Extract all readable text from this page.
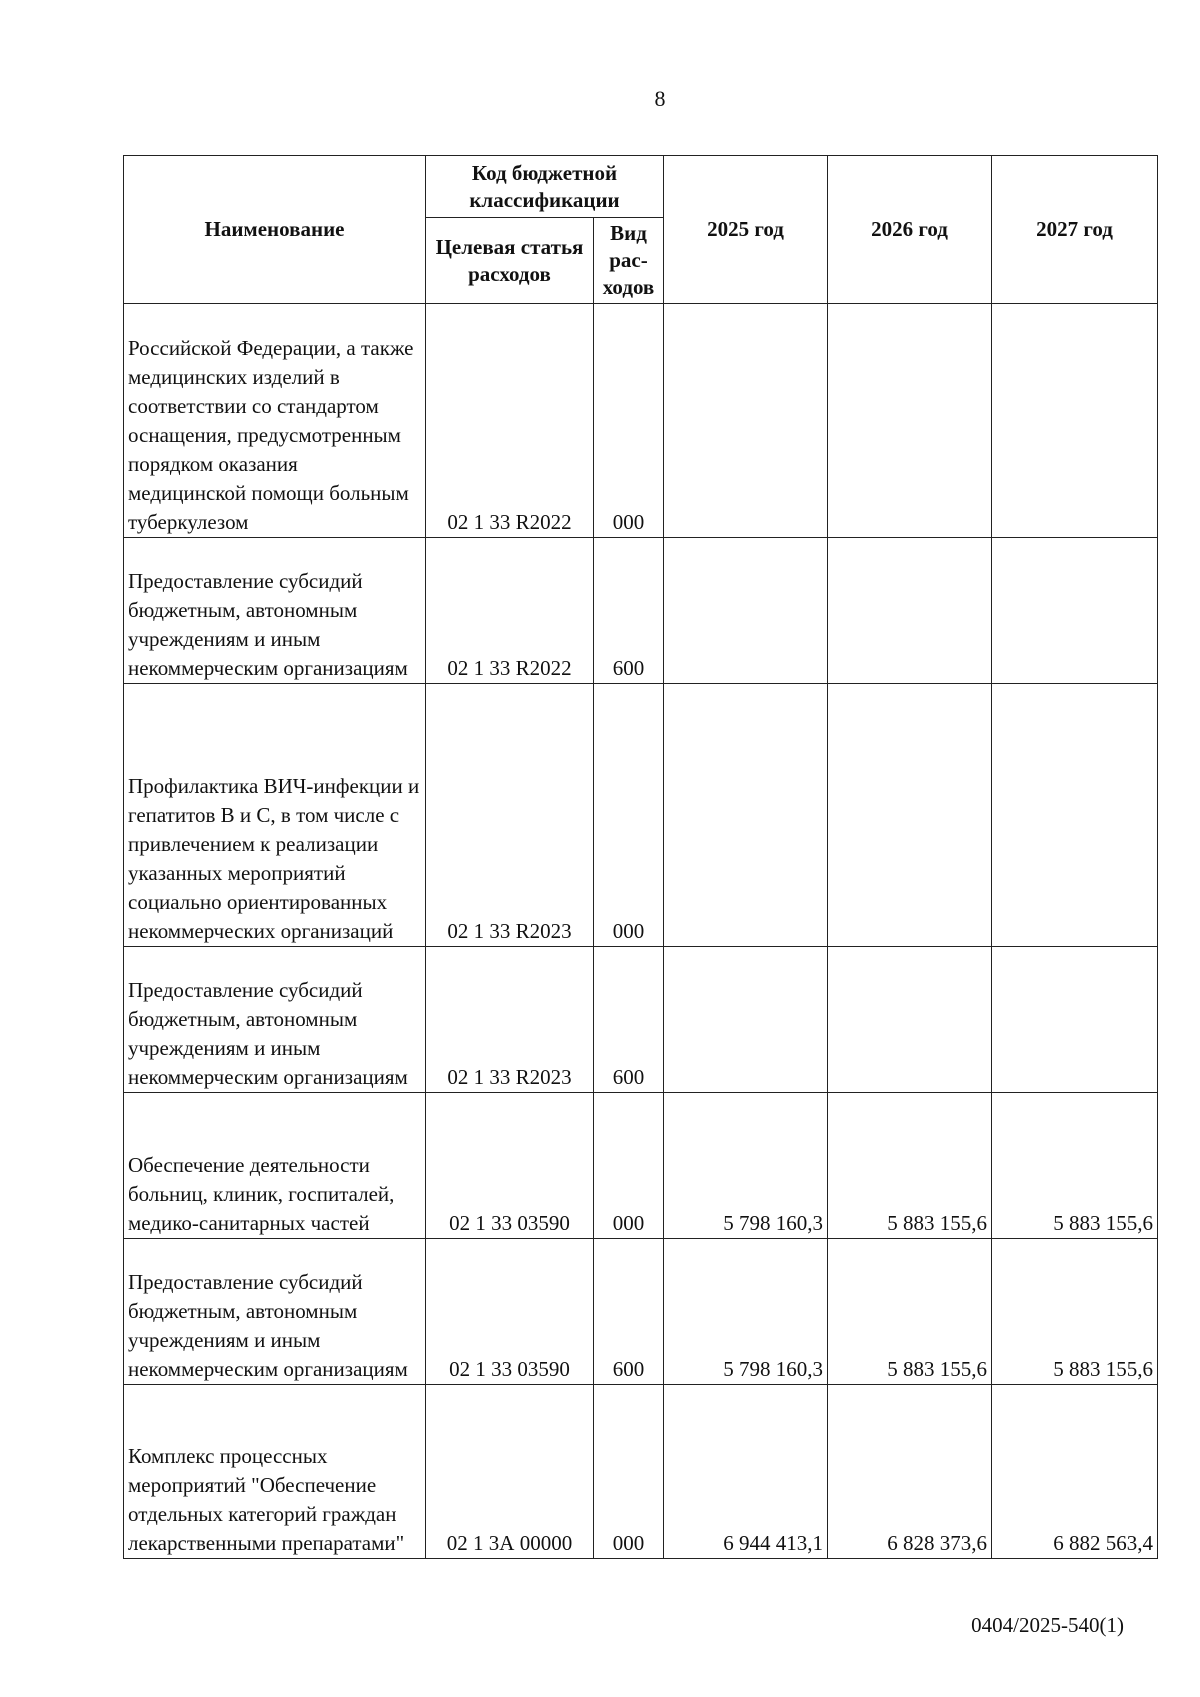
8
Наименование	Код бюджетной классификации		2025 год	2026 год	2027 год
	Целевая статья расходов	Вид рас-ходов			
Российской Федерации, а также медицинских изделий в соответствии со стандартом оснащения, предусмотренным порядком оказания медицинской помощи больным туберкулезом	02 1 33 R2022	000			
Предоставление субсидий бюджетным, автономным учреждениям и иным некоммерческим организациям	02 1 33 R2022	600			
Профилактика ВИЧ-инфекции и гепатитов В и С, в том числе с привлечением к реализации указанных мероприятий социально ориентированных некоммерческих организаций	02 1 33 R2023	000			
Предоставление субсидий бюджетным, автономным учреждениям и иным некоммерческим организациям	02 1 33 R2023	600			
Обеспечение деятельности больниц, клиник, госпиталей, медико-санитарных частей	02 1 33 03590	000	5 798 160,3	5 883 155,6	5 883 155,6
Предоставление субсидий бюджетным, автономным учреждениям и иным некоммерческим организациям	02 1 33 03590	600	5 798 160,3	5 883 155,6	5 883 155,6
Комплекс процессных мероприятий "Обеспечение отдельных категорий граждан лекарственными препаратами"	02 1 3А 00000	000	6 944 413,1	6 828 373,6	6 882 563,4
0404/2025-540(1)
